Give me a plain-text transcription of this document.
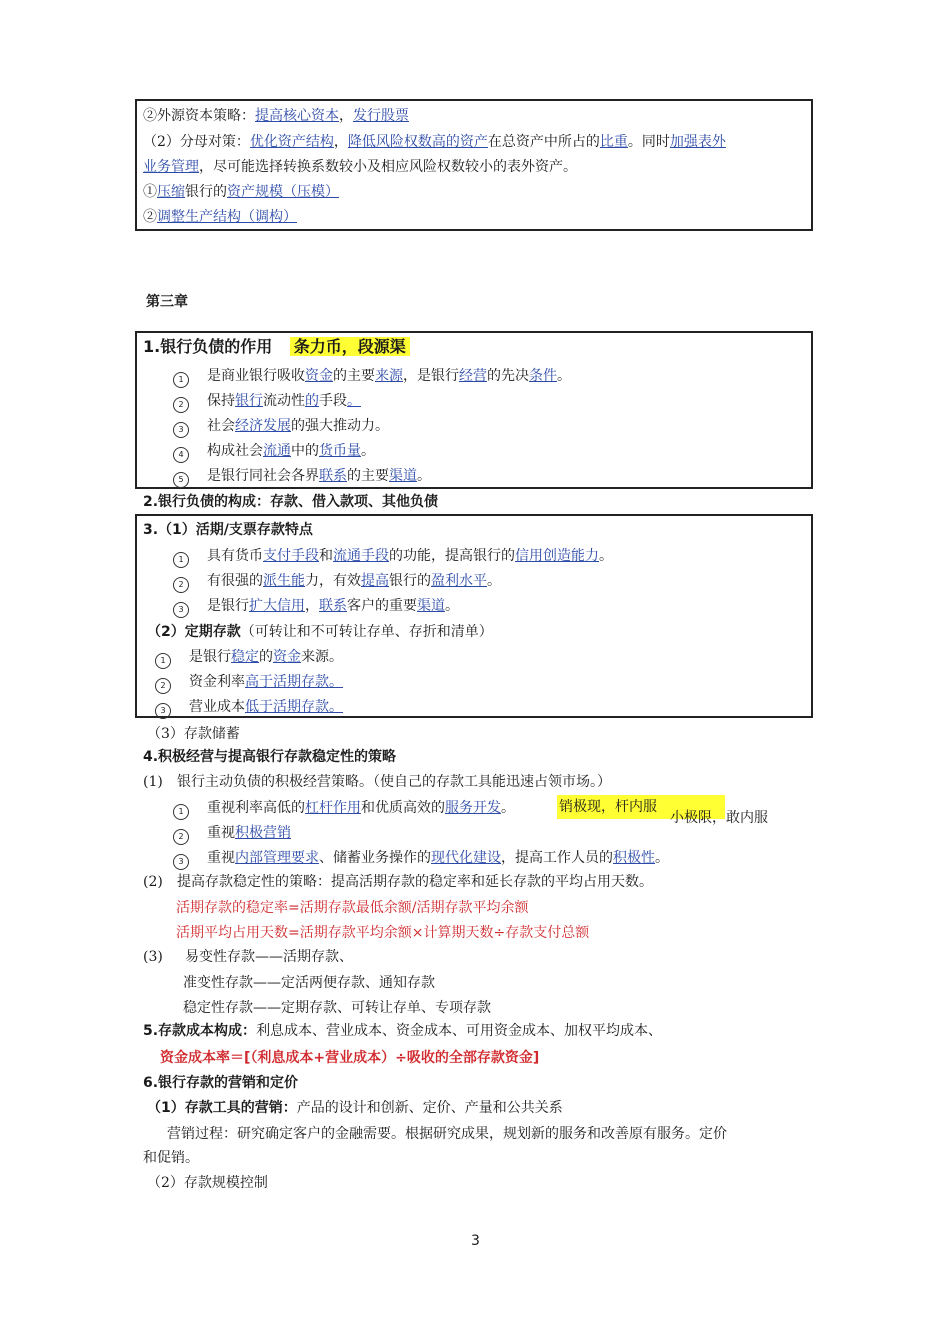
②外源资本策略：提高核心资本，发行股票
（2）分母对策：优化资产结构，降低风险权数高的资产在总资产中所占的比重。同时加强表外
业务管理，尽可能选择转换系数较小及相应风险权数较小的表外资产。
①压缩银行的资产规模（压模）
②调整生产结构（调构）
第三章
1.银行负债的作用 条力币，段源渠
1 是商业银行吸收资金的主要来源，是银行经营的先决条件。
2 保持银行流动性的手段。
3 社会经济发展的强大推动力。
4 构成社会流通中的货币量。
5 是银行同社会各界联系的主要渠道。
2.银行负债的构成：存款、借入款项、其他负债
3.（1）活期/支票存款特点
1 具有货币支付手段和流通手段的功能，提高银行的信用创造能力。
2 有很强的派生能力，有效提高银行的盈利水平。
3 是银行扩大信用，联系客户的重要渠道。
（2）定期存款（可转让和不可转让存单、存折和清单）
1 是银行稳定的资金来源。
2 资金利率高于活期存款。
3 营业成本低于活期存款。
（3）存款储蓄
4.积极经营与提高银行存款稳定性的策略
(1) 银行主动负债的积极经营策略。（使自己的存款工具能迅速占领市场。）
1 重视利率高低的杠杆作用和优质高效的服务开发。
2 重视积极营销
3 重视内部管理要求、储蓄业务操作的现代化建设，提高工作人员的积极性。
销极现，杆内服
小极限，敢内服
(2) 提高存款稳定性的策略：提高活期存款的稳定率和延长存款的平均占用天数。
活期存款的稳定率=活期存款最低余额/活期存款平均余额
活期平均占用天数=活期存款平均余额×计算期天数÷存款支付总额
(3) 易变性存款——活期存款、
准变性存款——定活两便存款、通知存款
稳定性存款——定期存款、可转让存单、专项存款
5.存款成本构成：利息成本、营业成本、资金成本、可用资金成本、加权平均成本、
资金成本率＝[（利息成本+营业成本）÷吸收的全部存款资金]
6.银行存款的营销和定价
（1）存款工具的营销：产品的设计和创新、定价、产量和公共关系
营销过程：研究确定客户的金融需要。根据研究成果，规划新的服务和改善原有服务。定价
和促销。
（2）存款规模控制
3
